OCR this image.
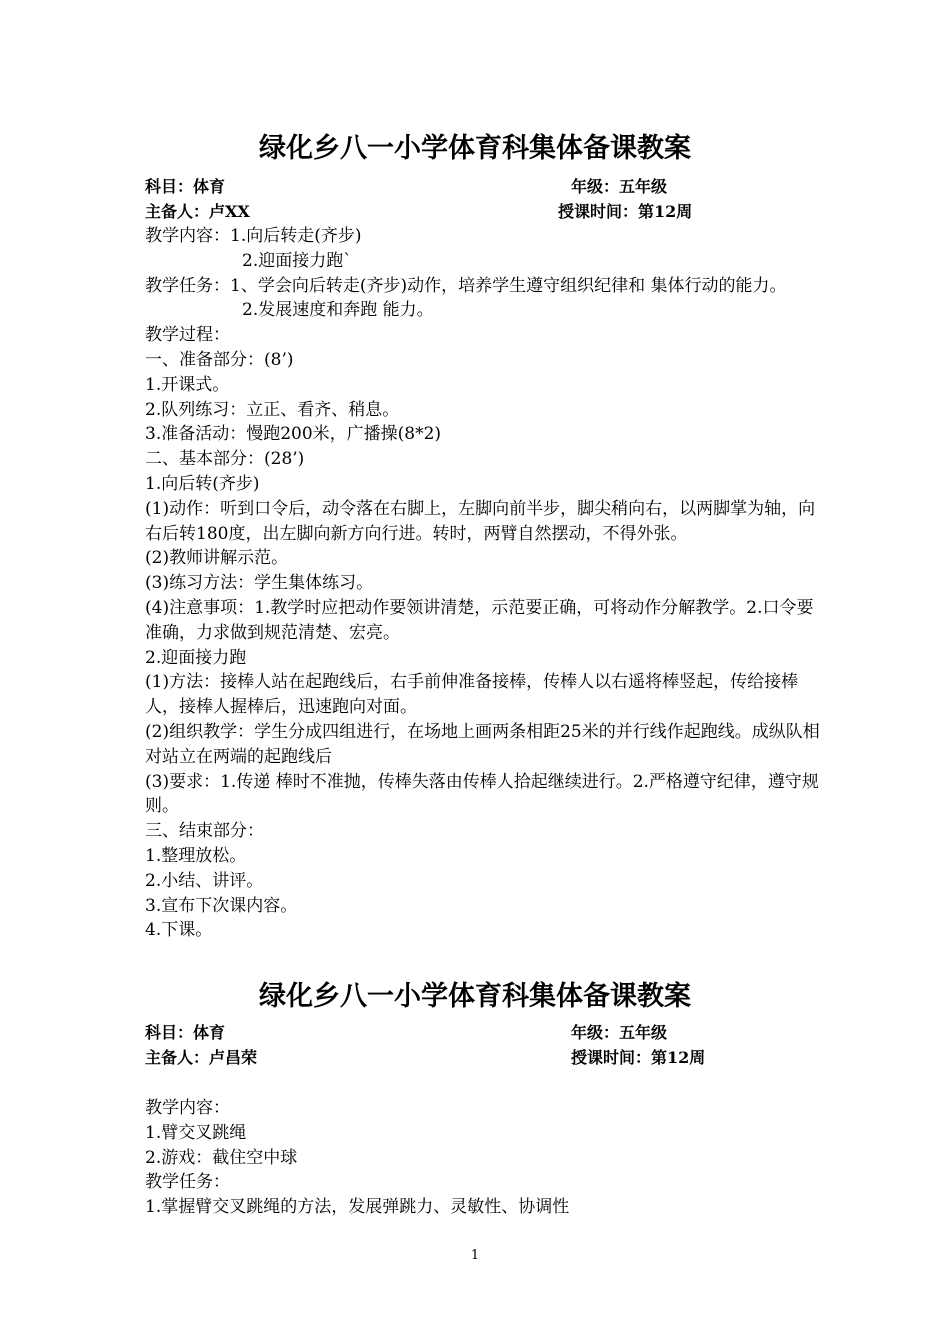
绿化乡八一小学体育科集体备课教案
科目：体育	年级：五年级
主备人：卢XX	授课时间：第12周

教学内容：1.向后转走(齐步)

2.迎面接力跑`

教学任务：1、学会向后转走(齐步)动作，培养学生遵守组织纪律和 集体行动的能力。

2.发展速度和奔跑 能力。

教学过程：

一、准备部分：(8’)

1.开课式。

2.队列练习：立正、看齐、稍息。

3.准备活动：慢跑200米，广播操(8*2)

二、基本部分：(28’)

1.向后转(齐步)

(1)动作：听到口令后，动令落在右脚上，左脚向前半步，脚尖稍向右，以两脚掌为轴，向右后转180度，出左脚向新方向行进。转时，两臂自然摆动，不得外张。

(2)教师讲解示范。

(3)练习方法：学生集体练习。

(4)注意事项：1.教学时应把动作要领讲清楚，示范要正确，可将动作分解教学。2.口令要准确，力求做到规范清楚、宏亮。

2.迎面接力跑

(1)方法：接棒人站在起跑线后，右手前伸准备接棒，传棒人以右遥将棒竖起，传给接棒人，接棒人握棒后，迅速跑向对面。

(2)组织教学：学生分成四组进行，在场地上画两条相距25米的并行线作起跑线。成纵队相对站立在两端的起跑线后

(3)要求：1.传递 棒时不准抛，传棒失落由传棒人拾起继续进行。2.严格遵守纪律，遵守规则。

三、结束部分：

1.整理放松。

2.小结、讲评。

3.宣布下次课内容。

4.下课。

绿化乡八一小学体育科集体备课教案
科目：体育	年级：五年级
主备人：卢昌荣	授课时间：第12周

教学内容：

1.臂交叉跳绳

2.游戏：截住空中球

教学任务：

1.掌握臂交叉跳绳的方法，发展弹跳力、灵敏性、协调性

1
